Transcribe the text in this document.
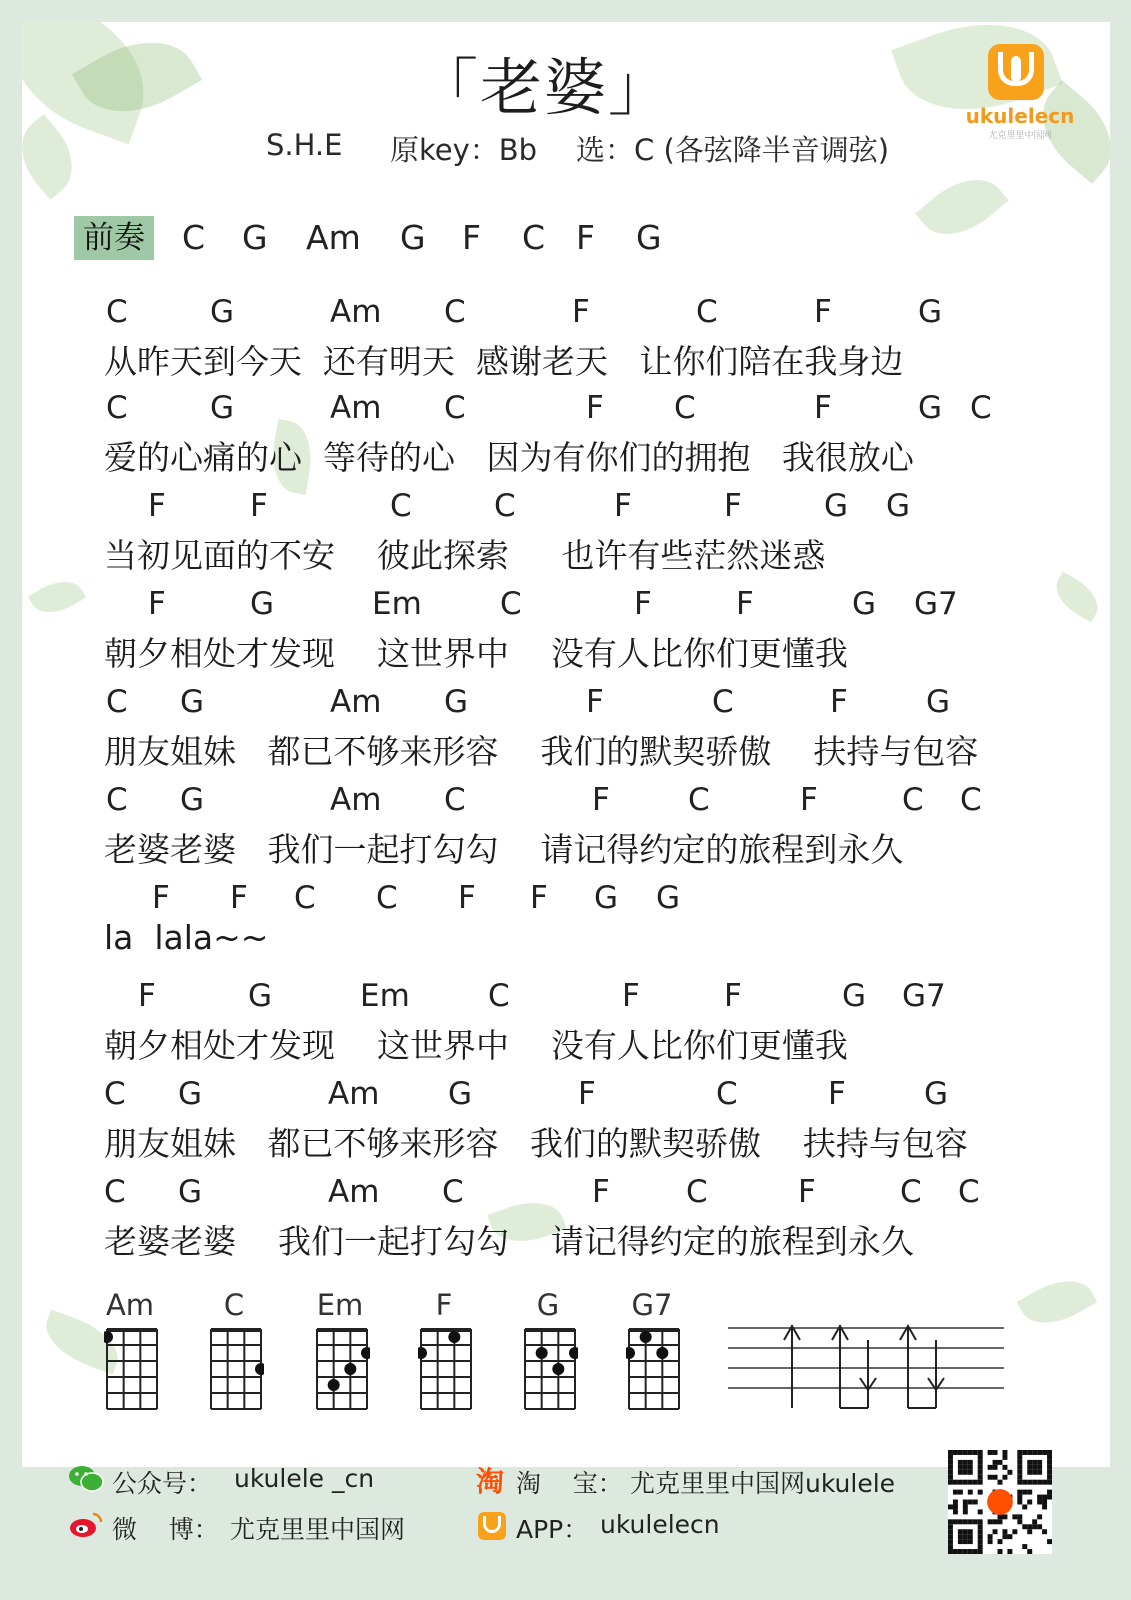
「老婆」
S.H.E 原key：Bb 选：C (各弦降半音调弦)
ukulelecn
尤克里里中国网
前奏 C G Am G F C F G
C	G	Am C	F	C	F	G
从昨天到今天  还有明天  感谢老天   让你们陪在我身边
C	G	Am C	F C	F	G C
爱的心痛的心  等待的心   因为有你们的拥抱   我很放心
F	F	C	C	F	F	G G
当初见面的不安    彼此探索     也许有些茫然迷惑
F	G	Em	C	F	F	G G7
朝夕相处才发现    这世界中    没有人比你们更懂我
C G	Am G	F	C	F	G
朋友姐妹   都已不够来形容    我们的默契骄傲    扶持与包容
C G	Am C	F	C	F	C C
老婆老婆   我们一起打勾勾    请记得约定的旅程到永久
F F C C F F G G
la  lala~~
F	G	Em	C	F	F	G G7
朝夕相处才发现    这世界中    没有人比你们更懂我
C G	Am G	F	C	F	G
朋友姐妹   都已不够来形容   我们的默契骄傲    扶持与包容
C G	Am C	F C	F	C C
老婆老婆    我们一起打勾勾    请记得约定的旅程到永久
Am	C	Em	F	G	G7
公众号： ukulele _cn	淘 淘    宝： 尤克里里中国网ukulele
微    博： 尤克里里中国网	APP： ukulelecn
